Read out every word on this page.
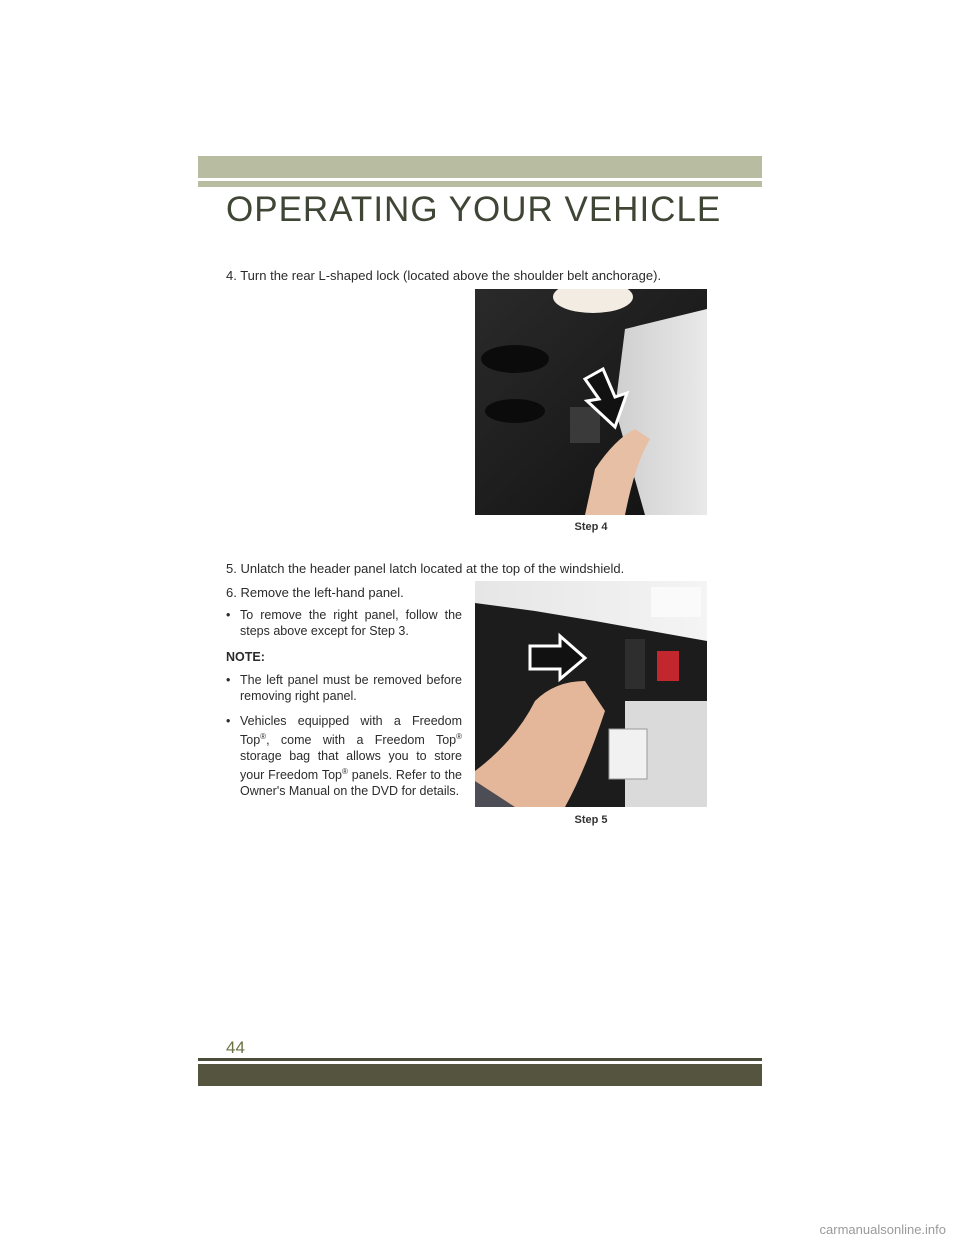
OPERATING YOUR VEHICLE
4. Turn the rear L-shaped lock (located above the shoulder belt anchorage).
Step 4
5. Unlatch the header panel latch located at the top of the windshield.
6. Remove the left-hand panel.
• To remove the right panel, follow the steps above except for Step 3.
NOTE:
• The left panel must be removed before removing right panel.
• Vehicles equipped with a Freedom Top®, come with a Freedom Top® storage bag that allows you to store your Freedom Top® panels. Refer to the Owner's Manual on the DVD for details.
Step 5
44
carmanualsonline.info
